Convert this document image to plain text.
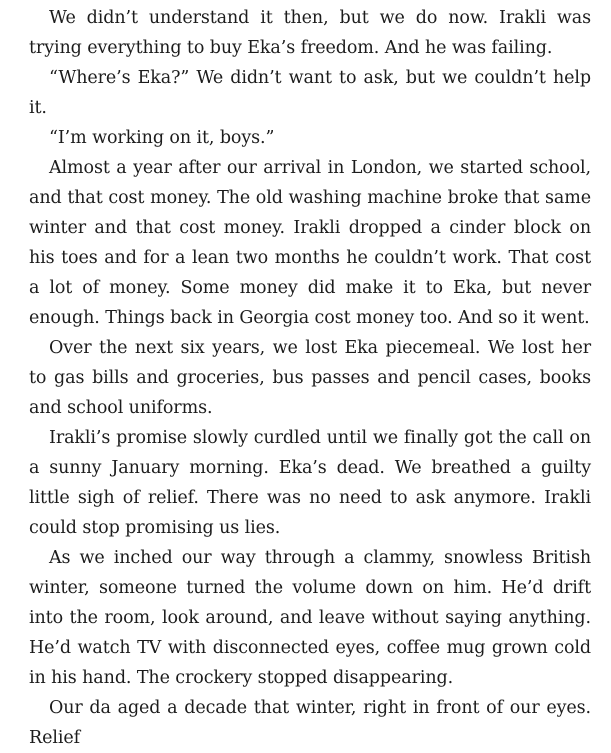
We didn’t understand it then, but we do now. Irakli was trying everything to buy Eka’s freedom. And he was failing.

“Where’s Eka?” We didn’t want to ask, but we couldn’t help it.

“I’m working on it, boys.”

Almost a year after our arrival in London, we started school, and that cost money. The old washing machine broke that same winter and that cost money. Irakli dropped a cinder block on his toes and for a lean two months he couldn’t work. That cost a lot of money. Some money did make it to Eka, but never enough. Things back in Georgia cost money too. And so it went.

Over the next six years, we lost Eka piecemeal. We lost her to gas bills and groceries, bus passes and pencil cases, books and school uniforms.

Irakli’s promise slowly curdled until we finally got the call on a sunny January morning. Eka’s dead. We breathed a guilty little sigh of relief. There was no need to ask anymore. Irakli could stop promising us lies.

As we inched our way through a clammy, snowless British winter, someone turned the volume down on him. He’d drift into the room, look around, and leave without saying anything. He’d watch TV with disconnected eyes, coffee mug grown cold in his hand. The crockery stopped disappearing.

Our da aged a decade that winter, right in front of our eyes. Relief
